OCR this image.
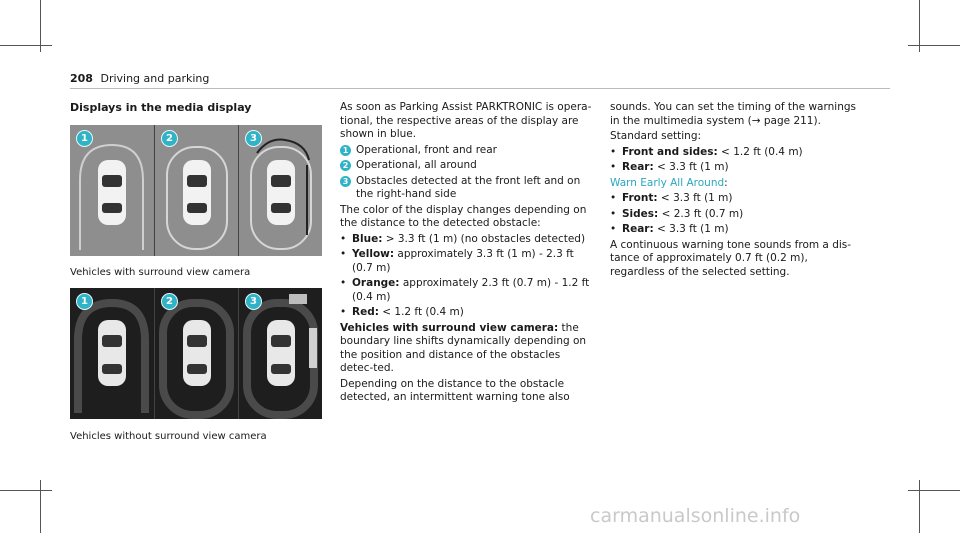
208 Driving and parking
Displays in the media display
1	2	3
Vehicles with surround view camera
1	2	3
Vehicles without surround view camera

As soon as Parking Assist PARKTRONIC is opera-tional, the respective areas of the display are shown in blue.

1 Operational, front and rear
2 Operational, all around
3 Obstacles detected at the front left and on the right-hand side

The color of the display changes depending on the distance to the detected obstacle:

• Blue: > 3.3 ft (1 m) (no obstacles detected)
• Yellow: approximately 3.3 ft (1 m) - 2.3 ft (0.7 m)
• Orange: approximately 2.3 ft (0.7 m) - 1.2 ft (0.4 m)
• Red: < 1.2 ft (0.4 m)

Vehicles with surround view camera: the boundary line shifts dynamically depending on the position and distance of the obstacles detec-ted.

Depending on the distance to the obstacle detected, an intermittent warning tone also

sounds. You can set the timing of the warnings in the multimedia system (→ page 211).

Standard setting:

• Front and sides: < 1.2 ft (0.4 m)
• Rear: < 3.3 ft (1 m)

Warn Early All Around:

• Front: < 3.3 ft (1 m)
• Sides: < 2.3 ft (0.7 m)
• Rear: < 3.3 ft (1 m)

A continuous warning tone sounds from a dis-tance of approximately 0.7 ft (0.2 m), regardless of the selected setting.

carmanualsonline.info
